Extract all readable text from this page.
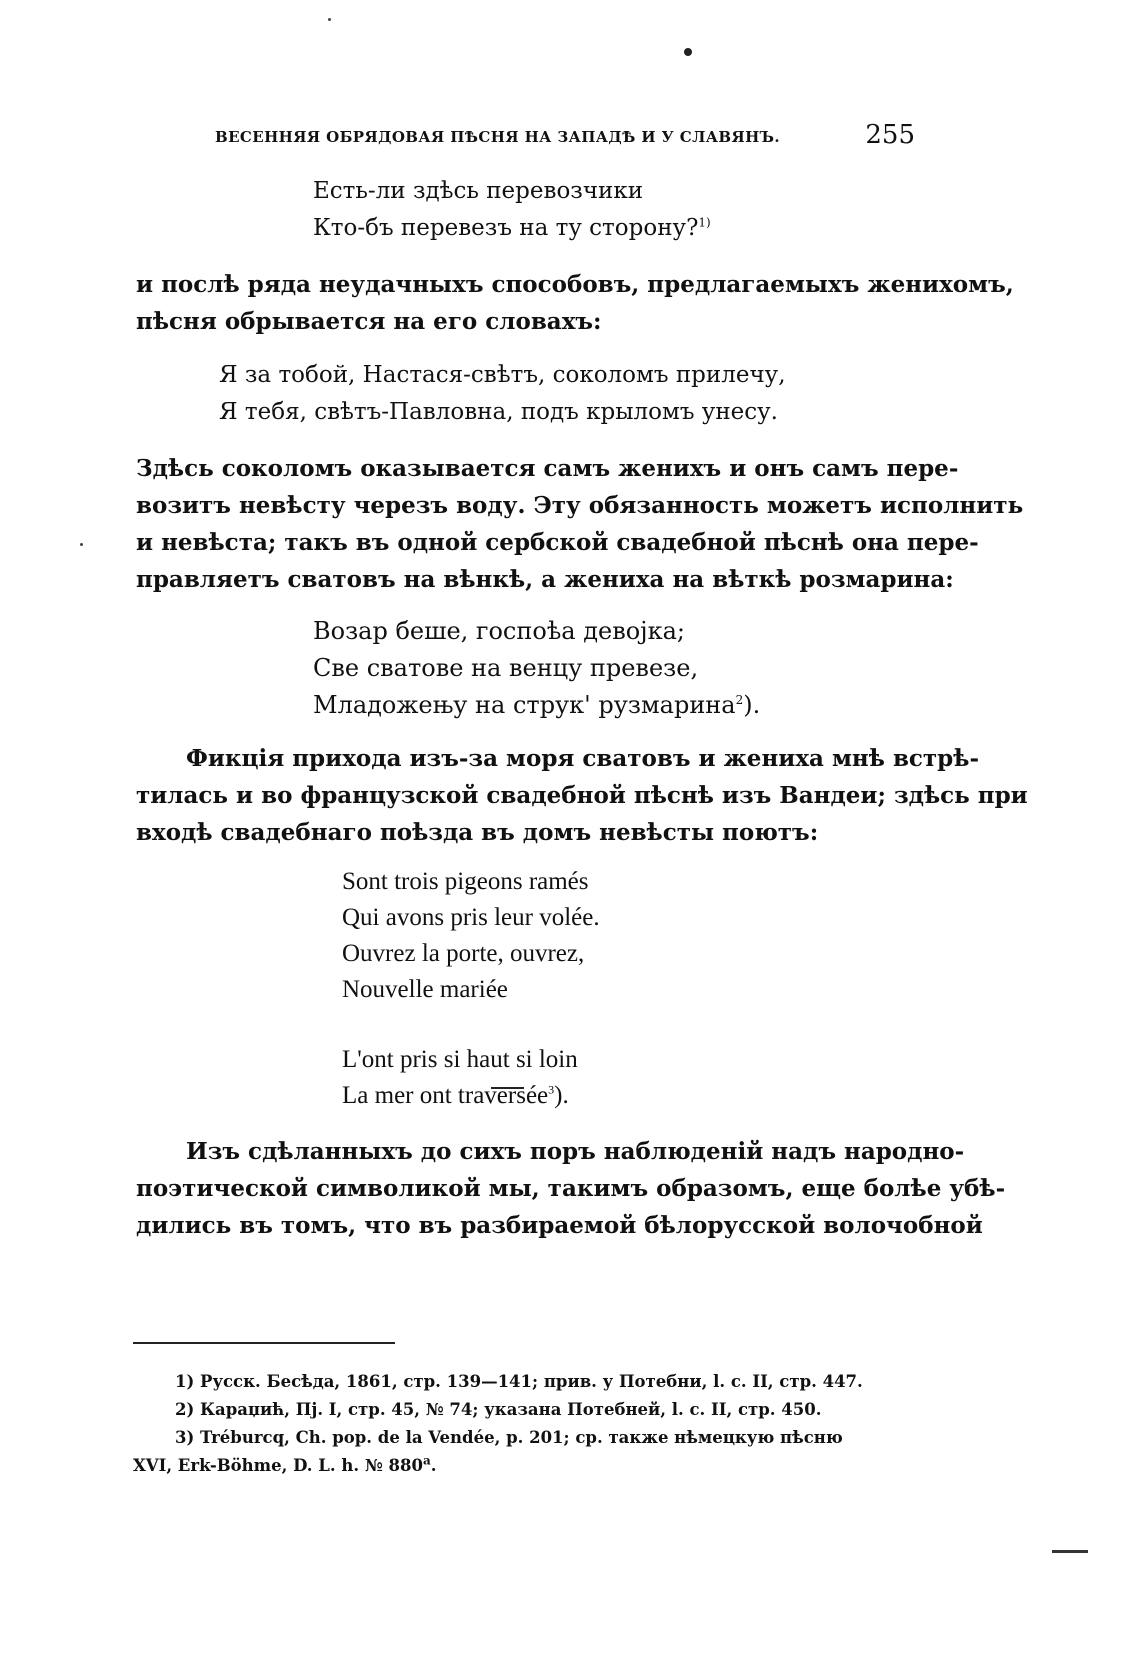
ВЕСЕННЯЯ ОБРЯДОВАЯ ПѢСНЯ НА ЗАПАДѢ И У СЛАВЯНЪ.	255
Есть-ли здѣсь перевозчики
Кто-бъ перевезъ на ту сторону?$^{1)}$
и послѣ ряда неудачныхъ способовъ, предлагаемыхъ женихомъ,
пѣсня обрывается на его словахъ:
Я за тобой, Настася-свѣтъ, соколомъ прилечу,
Я тебя, свѣтъ-Павловна, подъ крыломъ унесу.
Здѣсь соколомъ оказывается самъ женихъ и онъ самъ пере-
возитъ невѣсту черезъ воду. Эту обязанность можетъ исполнить
и невѣста; такъ въ одной сербской свадебной пѣснѣ она пере-
правляетъ сватовъ на вѣнкѣ, а жениха на вѣткѣ розмарина:
Возар беше, госпоѣа девојка;
Све сватове на венцу превезе,
Младожењу на струк' рузмарина$^2$).
Фикція прихода изъ-за моря сватовъ и жениха мнѣ встрѣ-
тилась и во французской свадебной пѣснѣ изъ Вандеи; здѣсь при
входѣ свадебнаго поѣзда въ домъ невѣсты поютъ:
Sont trois pigeons ramés
Qui avons pris leur volée.
Ouvrez la porte, ouvrez,
Nouvelle mariée
L'ont pris si haut si loin
La mer ont traversée$^3$).
Изъ сдѣланныхъ до сихъ поръ наблюденій надъ народно-
поэтической символикой мы, такимъ образомъ, еще болѣе убѣ-
дились въ томъ, что въ разбираемой бѣлорусской волочобной
1) Русск. Бесѣда, 1861, стр. 139—141; прив. у Потебни, l. c. II, стр. 447.
2) Караџић, Пј. I, стр. 45, № 74; указана Потебней, l. c. II, стр. 450.
3) Tréburcq, Ch. pop. de la Vendée, p. 201; ср. также нѣмецкую пѣсню
XVI, Erk-Böhme, D. L. h. № 880$^a$.
